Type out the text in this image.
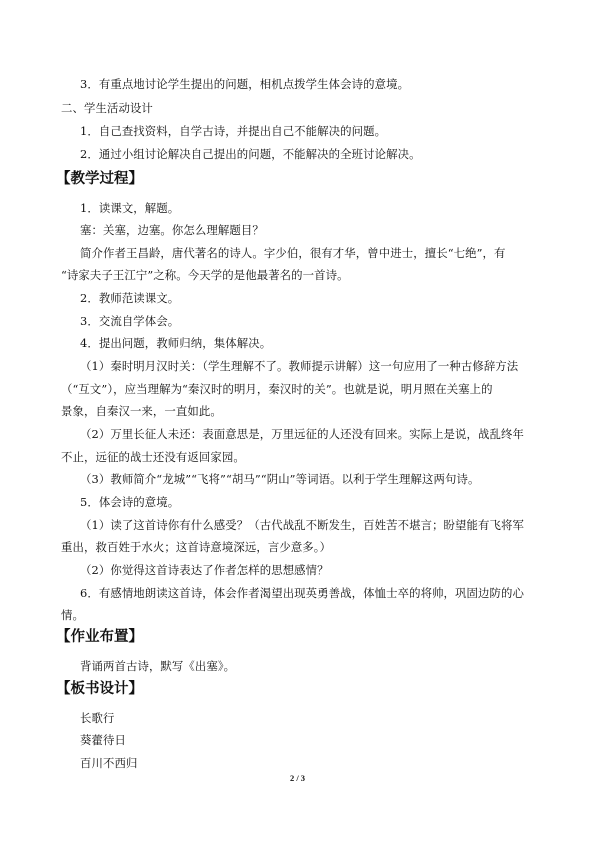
3．有重点地讨论学生提出的问题，相机点拨学生体会诗的意境。
二、学生活动设计
1．自己查找资料，自学古诗，并提出自己不能解决的问题。
2．通过小组讨论解决自己提出的问题，不能解决的全班讨论解决。
【教学过程】
1．读课文，解题。
塞：关塞，边塞。你怎么理解题目？
简介作者王昌龄，唐代著名的诗人。字少伯，很有才华，曾中进士，擅长“七绝”，有
“诗家夫子王江宁”之称。今天学的是他最著名的一首诗。
2．教师范读课文。
3．交流自学体会。
4．提出问题，教师归纳，集体解决。
（1）秦时明月汉时关：（学生理解不了。教师提示讲解）这一句应用了一种古修辞方法
（“互文”），应当理解为“秦汉时的明月，秦汉时的关”。也就是说，明月照在关塞上的
景象，自秦汉一来，一直如此。
（2）万里长征人未还：表面意思是，万里远征的人还没有回来。实际上是说，战乱终年
不止，远征的战士还没有返回家园。
（3）教师简介“龙城”“飞将”“胡马”“阴山”等词语。以利于学生理解这两句诗。
5．体会诗的意境。
（1）读了这首诗你有什么感受？（古代战乱不断发生，百姓苦不堪言；盼望能有飞将军
重出，救百姓于水火；这首诗意境深远，言少意多。）
（2）你觉得这首诗表达了作者怎样的思想感情？
6．有感情地朗读这首诗，体会作者渴望出现英勇善战，体恤士卒的将帅，巩固边防的心
情。
【作业布置】
背诵两首古诗，默写《出塞》。
【板书设计】
长歌行
葵藿待日
百川不西归
2 / 3
